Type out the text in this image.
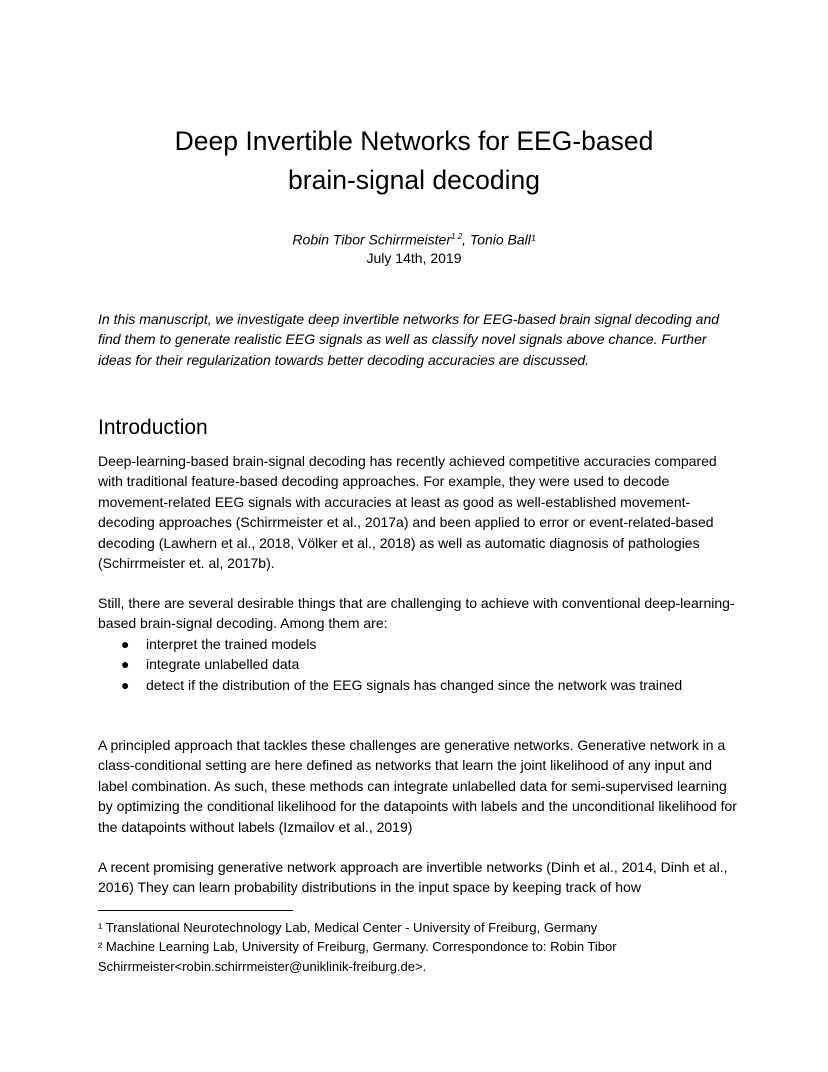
Deep Invertible Networks for EEG-based
brain-signal decoding
Robin Tibor Schirrmeister$^{1 2}$, Tonio Ball¹
July 14th, 2019
In this manuscript, we investigate deep invertible networks for EEG-based brain signal decoding and find them to generate realistic EEG signals as well as classify novel signals above chance. Further ideas for their regularization towards better decoding accuracies are discussed.
Introduction
Deep-learning-based brain-signal decoding has recently achieved competitive accuracies compared with traditional feature-based decoding approaches. For example, they were used to decode movement-related EEG signals with accuracies at least as good as well-established movement-decoding approaches (Schirrmeister et al., 2017a) and been applied to error or event-related-based decoding (Lawhern et al., 2018, Völker et al., 2018) as well as automatic diagnosis of pathologies (Schirrmeister et. al, 2017b).
Still, there are several desirable things that are challenging to achieve with conventional deep-learning-based brain-signal decoding. Among them are:
● interpret the trained models
● integrate unlabelled data
● detect if the distribution of the EEG signals has changed since the network was trained
A principled approach that tackles these challenges are generative networks. Generative network in a class-conditional setting are here defined as networks that learn the joint likelihood of any input and label combination. As such, these methods can integrate unlabelled data for semi-supervised learning by optimizing the conditional likelihood for the datapoints with labels and the unconditional likelihood for the datapoints without labels (Izmailov et al., 2019)
A recent promising generative network approach are invertible networks (Dinh et al., 2014, Dinh et al., 2016) They can learn probability distributions in the input space by keeping track of how
¹ Translational Neurotechnology Lab, Medical Center - University of Freiburg, Germany
² Machine Learning Lab, University of Freiburg, Germany. Correspondonce to: Robin Tibor Schirrmeister<robin.schirrmeister@uniklinik-freiburg.de>.
